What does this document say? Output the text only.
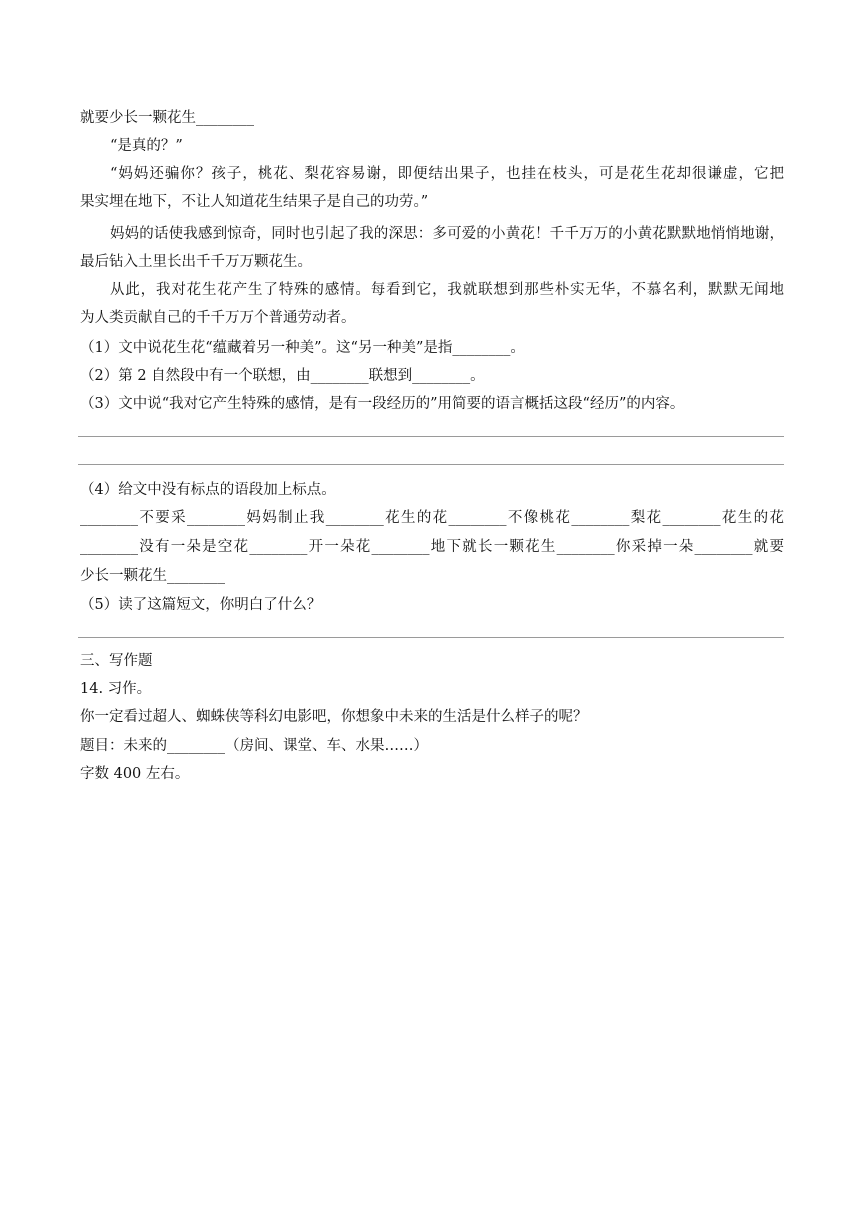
就要少长一颗花生________
“是真的？”
“妈妈还骗你？孩子，桃花、梨花容易谢，即便结出果子，也挂在枝头，可是花生花却很谦虚，它把
果实埋在地下，不让人知道花生结果子是自己的功劳。”
妈妈的话使我感到惊奇，同时也引起了我的深思：多可爱的小黄花！千千万万的小黄花默默地悄悄地谢，
最后钻入土里长出千千万万颗花生。
从此，我对花生花产生了特殊的感情。每看到它，我就联想到那些朴实无华，不慕名利，默默无闻地
为人类贡献自己的千千万万个普通劳动者。
（1）文中说花生花“蕴藏着另一种美”。这“另一种美”是指________。
（2）第 2 自然段中有一个联想，由________联想到________。
（3）文中说“我对它产生特殊的感情，是有一段经历的”用简要的语言概括这段“经历”的内容。
（4）给文中没有标点的语段加上标点。
________不要采________妈妈制止我________花生的花________不像桃花________梨花________花生的花
________没有一朵是空花________开一朵花________地下就长一颗花生________你采掉一朵________就要
少长一颗花生________
（5）读了这篇短文，你明白了什么？
三、写作题
14. 习作。
你一定看过超人、蜘蛛侠等科幻电影吧，你想象中未来的生活是什么样子的呢？
题目：未来的________（房间、课堂、车、水果……）
字数 400 左右。
